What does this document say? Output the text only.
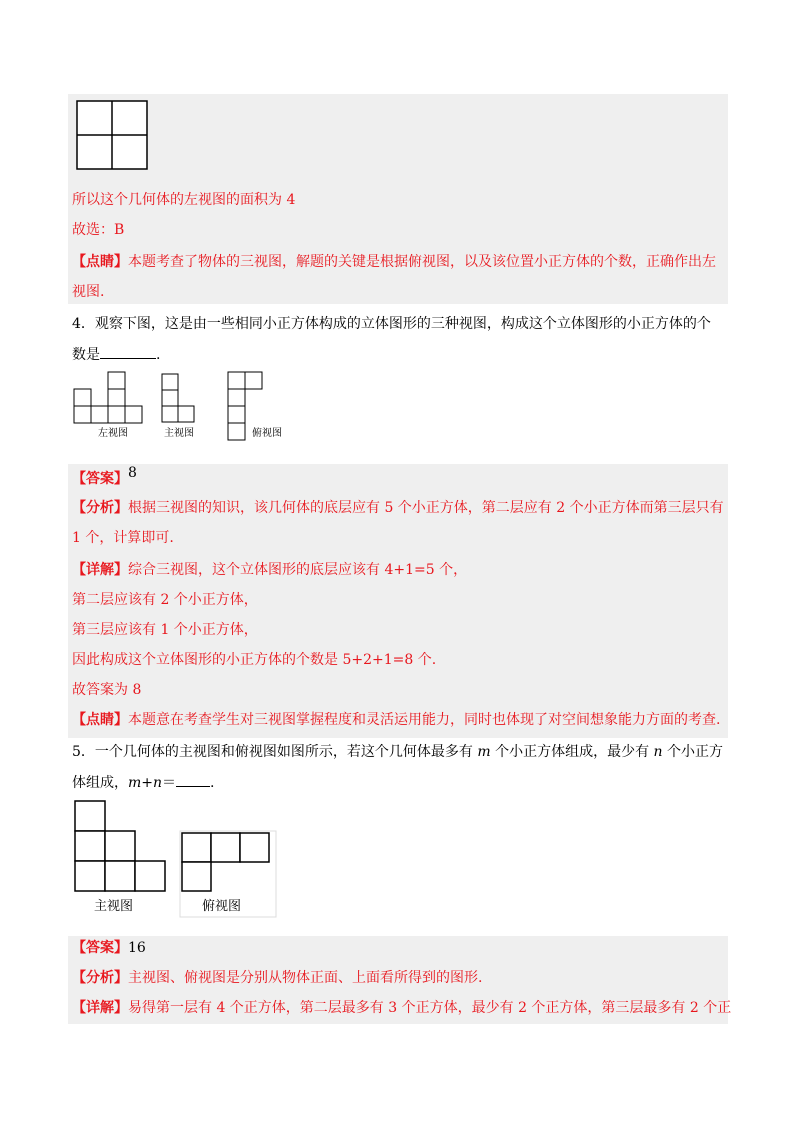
所以这个几何体的左视图的面积为 4
故选：B
【点睛】本题考查了物体的三视图，解题的关键是根据俯视图，以及该位置小正方体的个数，正确作出左
视图.
4．观察下图，这是由一些相同小正方体构成的立体图形的三种视图，构成这个立体图形的小正方体的个
数是	.
左视图	主视图	俯视图
【答案】8
【分析】根据三视图的知识，该几何体的底层应有 5 个小正方体，第二层应有 2 个小正方体而第三层只有
1 个，计算即可.
【详解】综合三视图，这个立体图形的底层应该有 4+1=5 个，
第二层应该有 2 个小正方体，
第三层应该有 1 个小正方体，
因此构成这个立体图形的小正方体的个数是 5+2+1=8 个.
故答案为 8
【点睛】本题意在考查学生对三视图掌握程度和灵活运用能力，同时也体现了对空间想象能力方面的考查.
5．一个几何体的主视图和俯视图如图所示，若这个几何体最多有 m 个小正方体组成，最少有 n 个小正方
体组成，m+n＝ .
主视图	俯视图
【答案】16
【分析】主视图、俯视图是分别从物体正面、上面看所得到的图形.
【详解】易得第一层有 4 个正方体，第二层最多有 3 个正方体，最少有 2 个正方体，第三层最多有 2 个正
